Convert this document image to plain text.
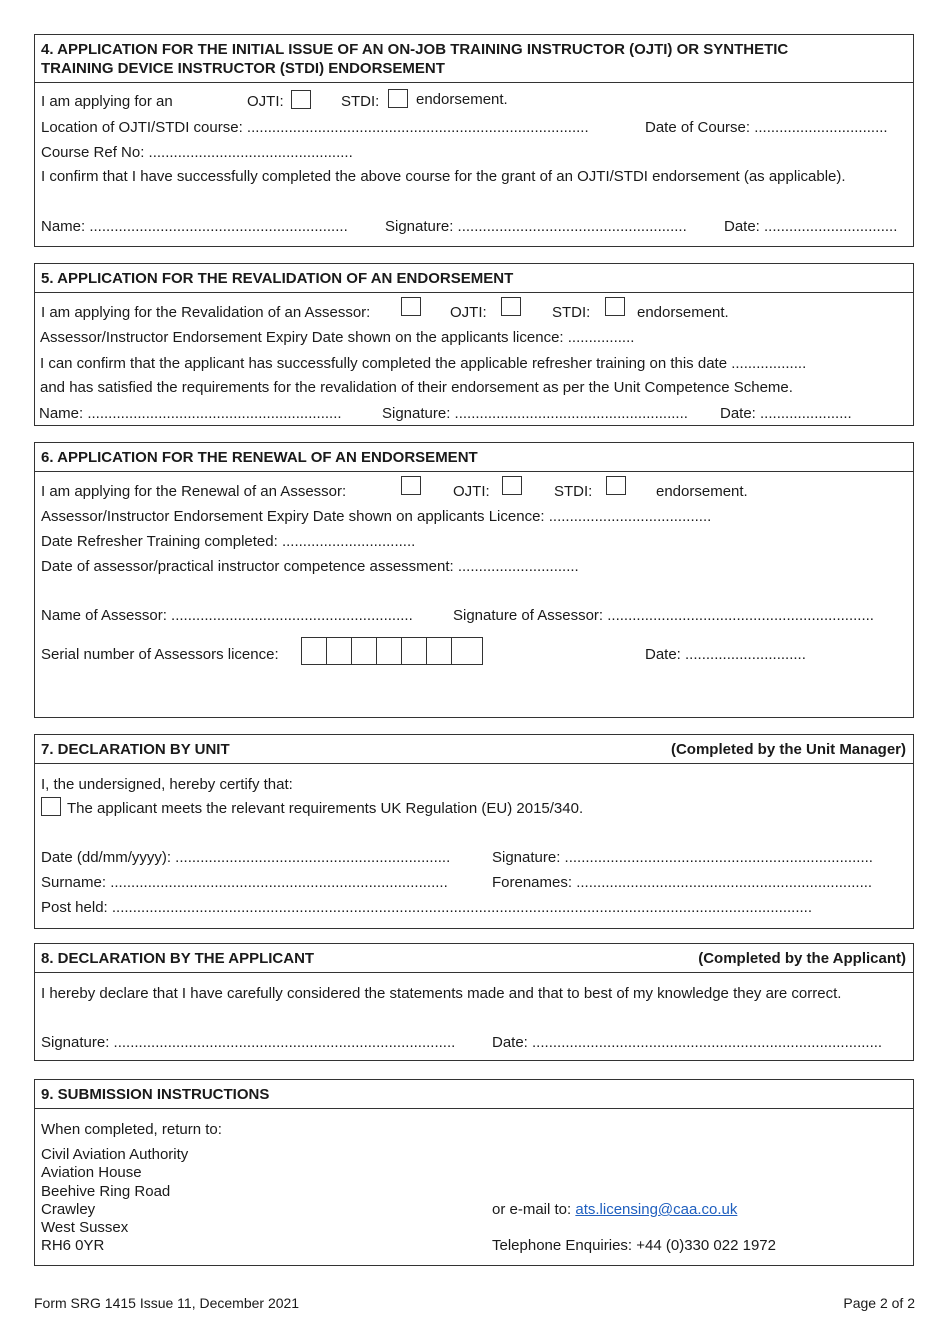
4. APPLICATION FOR THE INITIAL ISSUE OF AN ON-JOB TRAINING INSTRUCTOR (OJTI) OR SYNTHETIC
TRAINING DEVICE INSTRUCTOR (STDI) ENDORSEMENT
I am applying for an	OJTI:	STDI: endorsement.
Location of OJTI/STDI course: ..................................................................................	Date of Course: ................................
Course Ref No: .................................................
I confirm that I have successfully completed the above course for the grant of an OJTI/STDI endorsement (as applicable).
Name: .............................................................. Signature: ....................................................... Date: ................................
5. APPLICATION FOR THE REVALIDATION OF AN ENDORSEMENT
I am applying for the Revalidation of an Assessor:	OJTI:	STDI:	endorsement.
Assessor/Instructor Endorsement Expiry Date shown on the applicants licence: ................
I can confirm that the applicant has successfully completed the applicable refresher training on this date ..................
and has satisfied the requirements for the revalidation of their endorsement as per the Unit Competence Scheme.
Name: .............................................................	Signature: ........................................................ Date: ......................
6. APPLICATION FOR THE RENEWAL OF AN ENDORSEMENT
I am applying for the Renewal of an Assessor:	OJTI:	STDI:	endorsement.
Assessor/Instructor Endorsement Expiry Date shown on applicants Licence: .......................................
Date Refresher Training completed: ................................
Date of assessor/practical instructor competence assessment: .............................
Name of Assessor: ..........................................................	Signature of Assessor: ................................................................
Serial number of Assessors licence:	Date: .............................
7. DECLARATION BY UNIT	(Completed by the Unit Manager)
I, the undersigned, hereby certify that:
The applicant meets the relevant requirements UK Regulation (EU) 2015/340.
Date (dd/mm/yyyy): ..................................................................	Signature: ..........................................................................
Surname: .................................................................................	Forenames: .......................................................................
Post held: ........................................................................................................................................................................
8. DECLARATION BY THE APPLICANT	(Completed by the Applicant)
I hereby declare that I have carefully considered the statements made and that to best of my knowledge they are correct.
Signature: .................................................................................. Date: ....................................................................................
9. SUBMISSION INSTRUCTIONS
When completed, return to:
Civil Aviation Authority
Aviation House
Beehive Ring Road
Crawley
West Sussex
RH6 0YR
or e-mail to: ats.licensing@caa.co.uk
Telephone Enquiries: +44 (0)330 022 1972
Form SRG 1415 Issue 11, December 2021	Page 2 of 2
